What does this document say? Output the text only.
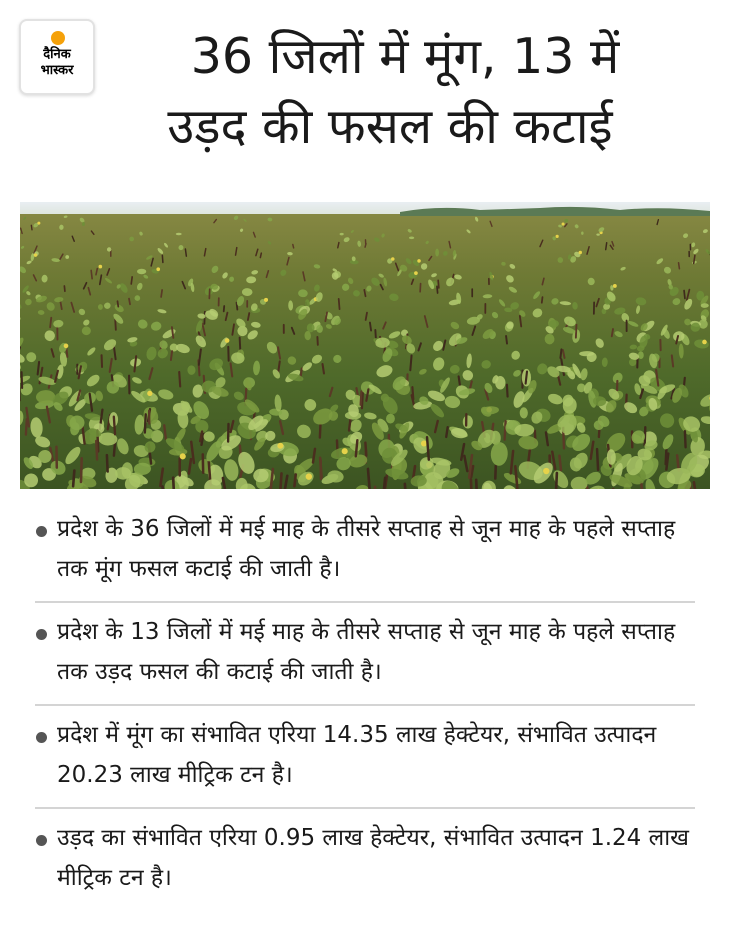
दैनिक
भास्कर	36 जिलों में मूंग, 13 में
उड़द की फसल की कटाई
प्रदेश के 36 जिलों में मई माह के तीसरे सप्ताह से जून माह के पहले सप्ताह तक मूंग फसल कटाई की जाती है।
प्रदेश के 13 जिलों में मई माह के तीसरे सप्ताह से जून माह के पहले सप्ताह तक उड़द फसल की कटाई की जाती है।
प्रदेश में मूंग का संभावित एरिया 14.35 लाख हेक्टेयर, संभावित उत्पादन 20.23 लाख मीट्रिक टन है।
उड़द का संभावित एरिया 0.95 लाख हेक्टेयर, संभावित उत्पादन 1.24 लाख मीट्रिक टन है।
